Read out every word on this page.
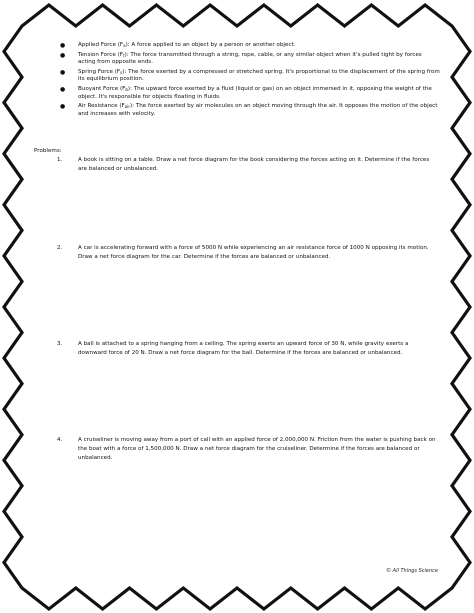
● Applied Force $(F_a)$: A force applied to an object by a person or another object.
● Tension Force $(F_t)$: The force transmitted through a string, rope, cable, or any similar object when it's pulled tight by forces acting from opposite ends.
● Spring Force $(F_s)$: The force exerted by a compressed or stretched spring. It's proportional to the displacement of the spring from its equilibrium position.
● Buoyant Force $(F_b)$: The upward force exerted by a fluid (liquid or gas) on an object immersed in it, opposing the weight of the object. It's responsible for objects floating in fluids.
● Air Resistance $(F_{air})$: The force exerted by air molecules on an object moving through the air. It opposes the motion of the object and increases with velocity.
Problems:
1.	A book is sitting on a table. Draw a net force diagram for the book considering the forces acting on it. Determine if the forces are balanced or unbalanced.
2.	A car is accelerating forward with a force of 5000 N while experiencing an air resistance force of 1000 N opposing its motion. Draw a net force diagram for the car. Determine if the forces are balanced or unbalanced.
3.	A ball is attached to a spring hanging from a ceiling. The spring exerts an upward force of 30 N, while gravity exerts a downward force of 20 N. Draw a net force diagram for the ball. Determine if the forces are balanced or unbalanced.
4.	A cruiseliner is moving away from a port of call with an applied force of 2,000,000 N. Friction from the water is pushing back on the boat with a force of 1,500,000 N. Draw a net force diagram for the cruiseliner. Determine if the forces are balanced or unbalanced.
© All Things Science
